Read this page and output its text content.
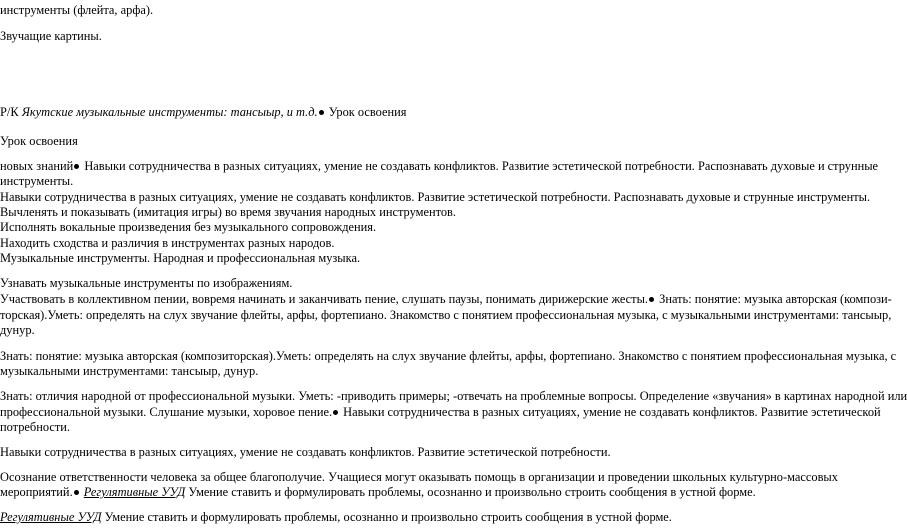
инструменты (флейта, арфа).
Звучащие картины.
Р/К Якутские музыкальные инструменты: тансыыр, и т.д. Урок освоения
Урок освоения
новых знаний Навыки сотрудничества в разных ситуациях, умение не создавать конфликтов. Развитие эстетической потребности. Распознавать духовые и струнные
инструменты.
Навыки сотрудничества в разных ситуациях, умение не создавать конфликтов. Развитие эстетической потребности. Распознавать духовые и струнные инструменты.
Вычленять и показывать (имитация игры) во время звучания народных инструментов.
Исполнять вокальные произведения без музыкального сопровождения.
Находить сходства и различия в инструментах разных народов.
Музыкальные инструменты. Народная и профессиональная музыка.
Узнавать музыкальные инструменты по изображениям.
Участвовать в коллективном пении, вовремя начинать и заканчивать пение, слушать паузы, понимать дирижерские жесты. Знать: понятие: музыка авторская (компози-
торская).Уметь: определять на слух звучание флейты, арфы, фортепиано. Знакомство с понятием профессиональная музыка, с музыкальными инструментами: тансыыр,
дунур.
Знать: понятие: музыка авторская (композиторская).Уметь: определять на слух звучание флейты, арфы, фортепиано. Знакомство с понятием профессиональная музыка, с
музыкальными инструментами: тансыыр, дунур.
Знать: отличия народной от профессиональной музыки. Уметь: -приводить примеры; -отвечать на проблемные вопросы. Определение «звучания» в картинах народной или
профессиональной музыки. Слушание музыки, хоровое пение. Навыки сотрудничества в разных ситуациях, умение не создавать конфликтов. Развитие эстетической
потребности.
Навыки сотрудничества в разных ситуациях, умение не создавать конфликтов. Развитие эстетической потребности.
Осознание ответственности человека за общее благополучие. Учащиеся могут оказывать помощь в организации и проведении школьных культурно-массовых
мероприятий. Регулятивные УУД Умение ставить и формулировать проблемы, осознанно и произвольно строить сообщения в устной форме.
Регулятивные УУД Умение ставить и формулировать проблемы, осознанно и произвольно строить сообщения в устной форме.
